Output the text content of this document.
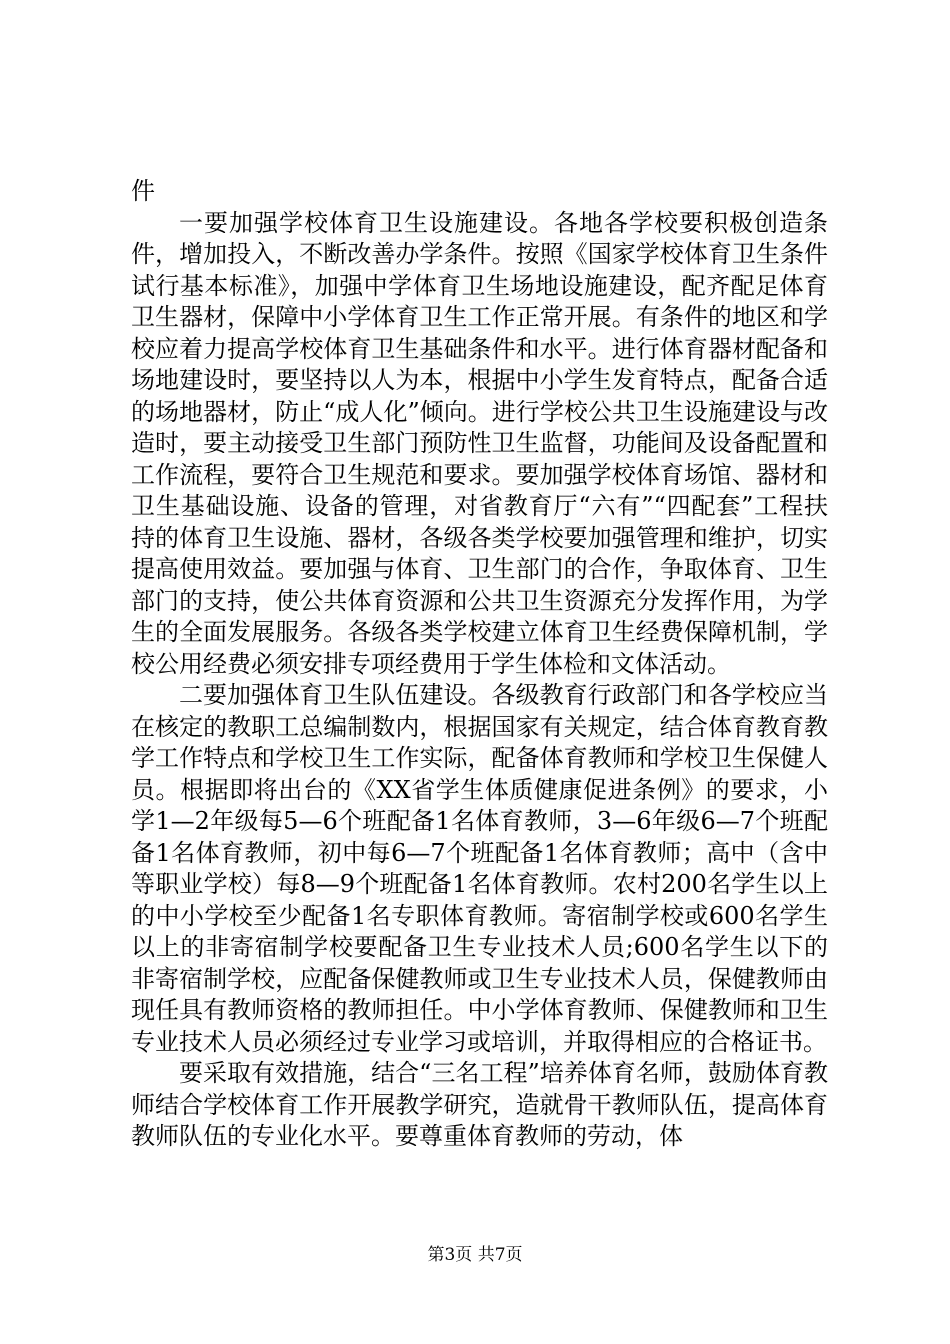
件

一要加强学校体育卫生设施建设。各地各学校要积极创造条件，增加投入，不断改善办学条件。按照《国家学校体育卫生条件试行基本标准》，加强中学体育卫生场地设施建设，配齐配足体育卫生器材，保障中小学体育卫生工作正常开展。有条件的地区和学校应着力提高学校体育卫生基础条件和水平。进行体育器材配备和场地建设时，要坚持以人为本，根据中小学生发育特点，配备合适的场地器材，防止“成人化”倾向。进行学校公共卫生设施建设与改造时，要主动接受卫生部门预防性卫生监督，功能间及设备配置和工作流程，要符合卫生规范和要求。要加强学校体育场馆、器材和卫生基础设施、设备的管理，对省教育厅“六有”“四配套”工程扶持的体育卫生设施、器材，各级各类学校要加强管理和维护，切实提高使用效益。要加强与体育、卫生部门的合作，争取体育、卫生部门的支持，使公共体育资源和公共卫生资源充分发挥作用，为学生的全面发展服务。各级各类学校建立体育卫生经费保障机制，学校公用经费必须安排专项经费用于学生体检和文体活动。

二要加强体育卫生队伍建设。各级教育行政部门和各学校应当在核定的教职工总编制数内，根据国家有关规定，结合体育教育教学工作特点和学校卫生工作实际，配备体育教师和学校卫生保健人员。根据即将出台的《XX省学生体质健康促进条例》的要求，小学1—2年级每5—6个班配备1名体育教师，3—6年级6—7个班配备1名体育教师，初中每6—7个班配备1名体育教师；高中（含中等职业学校）每8—9个班配备1名体育教师。农村200名学生以上的中小学校至少配备1名专职体育教师。寄宿制学校或600名学生以上的非寄宿制学校要配备卫生专业技术人员;600名学生以下的非寄宿制学校，应配备保健教师或卫生专业技术人员，保健教师由现任具有教师资格的教师担任。中小学体育教师、保健教师和卫生专业技术人员必须经过专业学习或培训，并取得相应的合格证书。

要采取有效措施，结合“三名工程”培养体育名师，鼓励体育教师结合学校体育工作开展教学研究，造就骨干教师队伍，提高体育教师队伍的专业化水平。要尊重体育教师的劳动，体

第3页 共7页
